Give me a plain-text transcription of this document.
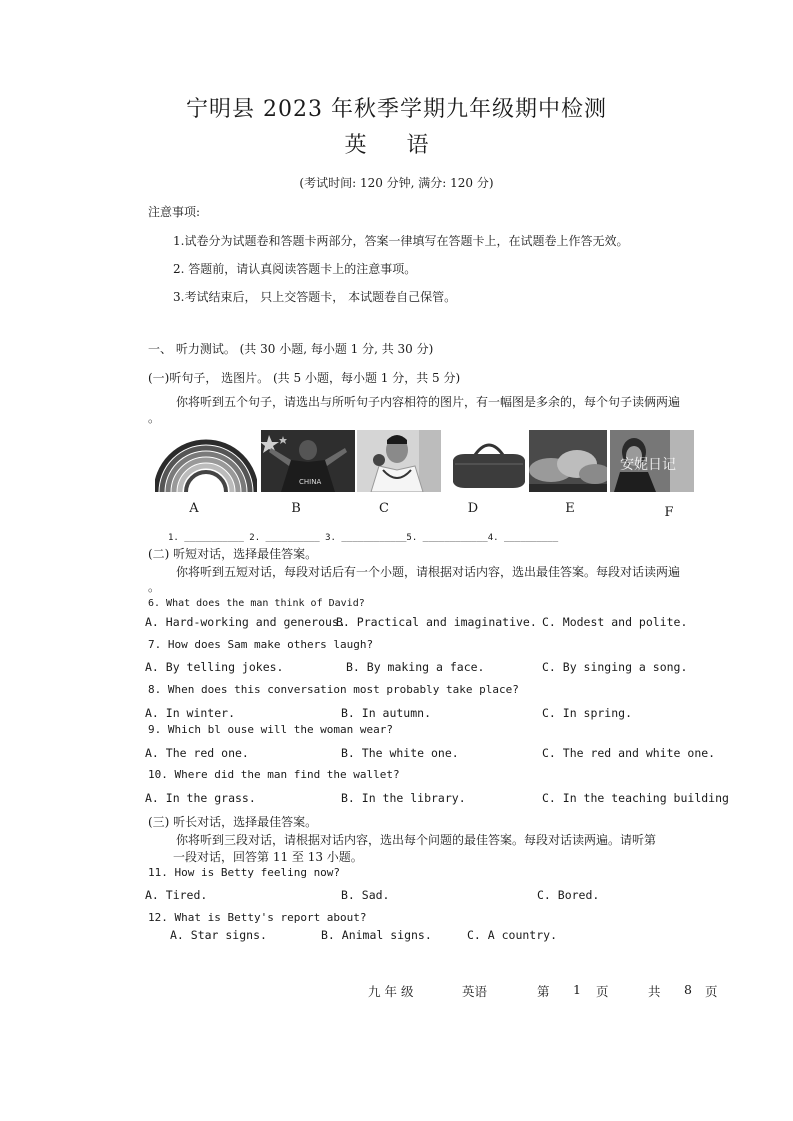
宁明县 2023 年秋季学期九年级期中检测
英语
(考试时间: 120 分钟, 满分: 120 分)
注意事项:
1.试卷分为试题卷和答题卡两部分，答案一律填写在答题卡上，在试题卷上作答无效。
2. 答题前，请认真阅读答题卡上的注意事项。
3.考试结束后， 只上交答题卡， 本试题卷自己保管。
一、 听力测试。 (共 30 小题, 每小题 1 分, 共 30 分)
(一)听句子， 选图片。 (共 5 小题，每小题 1 分，共 5 分)
你将听到五个句子，请选出与所听句子内容相符的图片，有一幅图是多余的，每个句子读俩两遍
。
CHINA
安妮日记
A	B	C	D	E	F
1. ___________ 2. __________ 3. ____________5. ____________4. __________
(二) 听短对话，选择最佳答案。
你将听到五短对话，每段对话后有一个小题，请根据对话内容，选出最佳答案。每段对话读两遍
。
6. What does the man think of David?
A. Hard-working and generous.
B. Practical and imaginative. C. Modest and polite.
7. How does Sam make others laugh?
A. By telling jokes.	B. By making a face.	C. By singing a song.
8. When does this conversation most probably take place?
A. In winter.	B. In autumn.	C. In spring.
9. Which bl ouse will the woman wear?
A. The red one.	B. The white one.	C. The red and white one.
10. Where did the man find the wallet?
A. In the grass.	B. In the library.	C. In the teaching building
(三) 听长对话，选择最佳答案。
你将听到三段对话，请根据对话内容，选出每个问题的最佳答案。每段对话读两遍。请听第
一段对话，回答第 11 至 13 小题。
11. How is Betty feeling now?
A. Tired.	B. Sad.	C. Bored.
12. What is Betty's report about?
A. Star signs.	B. Animal signs.	C. A country.
九 年 级	英语	第 1 页	共 8 页
